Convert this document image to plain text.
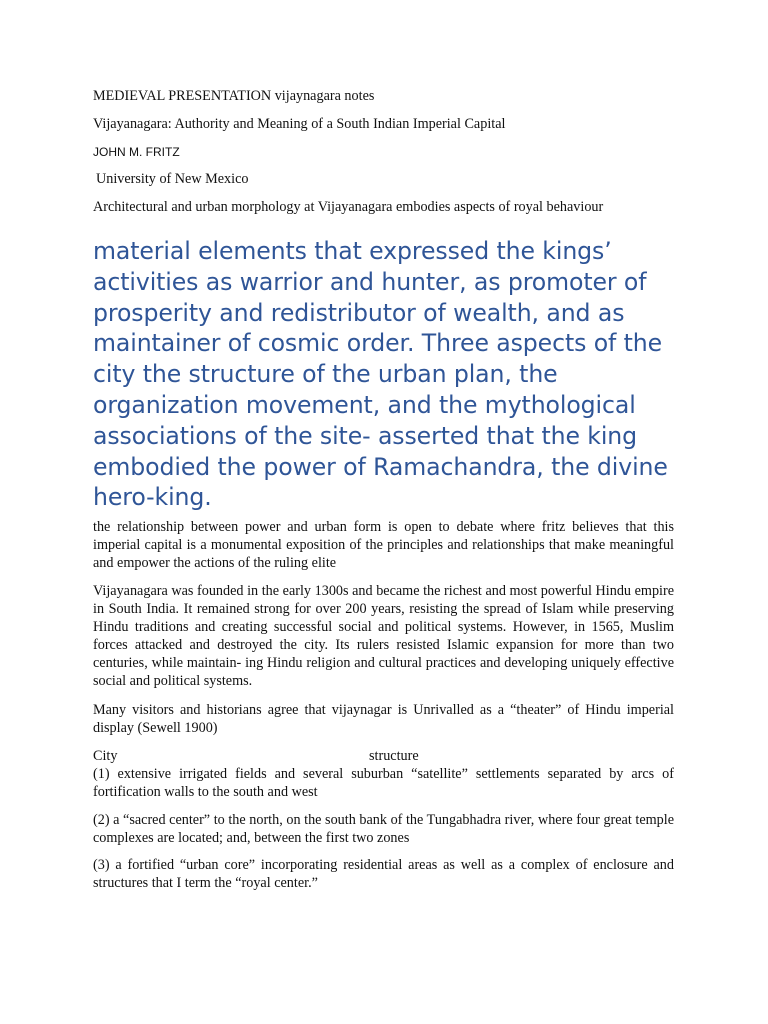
MEDIEVAL PRESENTATION vijaynagara notes
Vijayanagara: Authority and Meaning of a South Indian Imperial Capital
JOHN M. FRITZ
University of New Mexico
Architectural and urban morphology at Vijayanagara embodies aspects of royal behaviour
material elements that expressed the kings’ activities as warrior and hunter, as promoter of prosperity and redistributor of wealth, and as maintainer of cosmic order. Three aspects of the city the structure of the urban plan, the organization movement, and the mythological associations of the site- asserted that the king embodied the power of Ramachandra, the divine hero-king.
the relationship between power and urban form is open to debate where fritz believes that this imperial capital is a monumental exposition of the principles and relationships that make meaningful and empower the actions of the ruling elite
Vijayanagara was founded in the early 1300s and became the richest and most powerful Hindu empire in South India. It remained strong for over 200 years, resisting the spread of Islam while preserving Hindu traditions and creating successful social and political systems. However, in 1565, Muslim forces attacked and destroyed the city. Its rulers resisted Islamic expansion for more than two centuries, while maintain- ing Hindu religion and cultural practices and developing uniquely effective social and political systems.
Many visitors and historians agree that vijaynagar is Unrivalled as a “theater” of Hindu imperial display (Sewell 1900)
City	structure
(1) extensive irrigated fields and several suburban “satellite” settlements separated by arcs of fortification walls to the south and west
(2) a “sacred center” to the north, on the south bank of the Tungabhadra river, where four great temple complexes are located; and, between the first two zones
(3) a fortified “urban core” incorporating residential areas as well as a complex of enclosure and structures that I term the “royal center.”
